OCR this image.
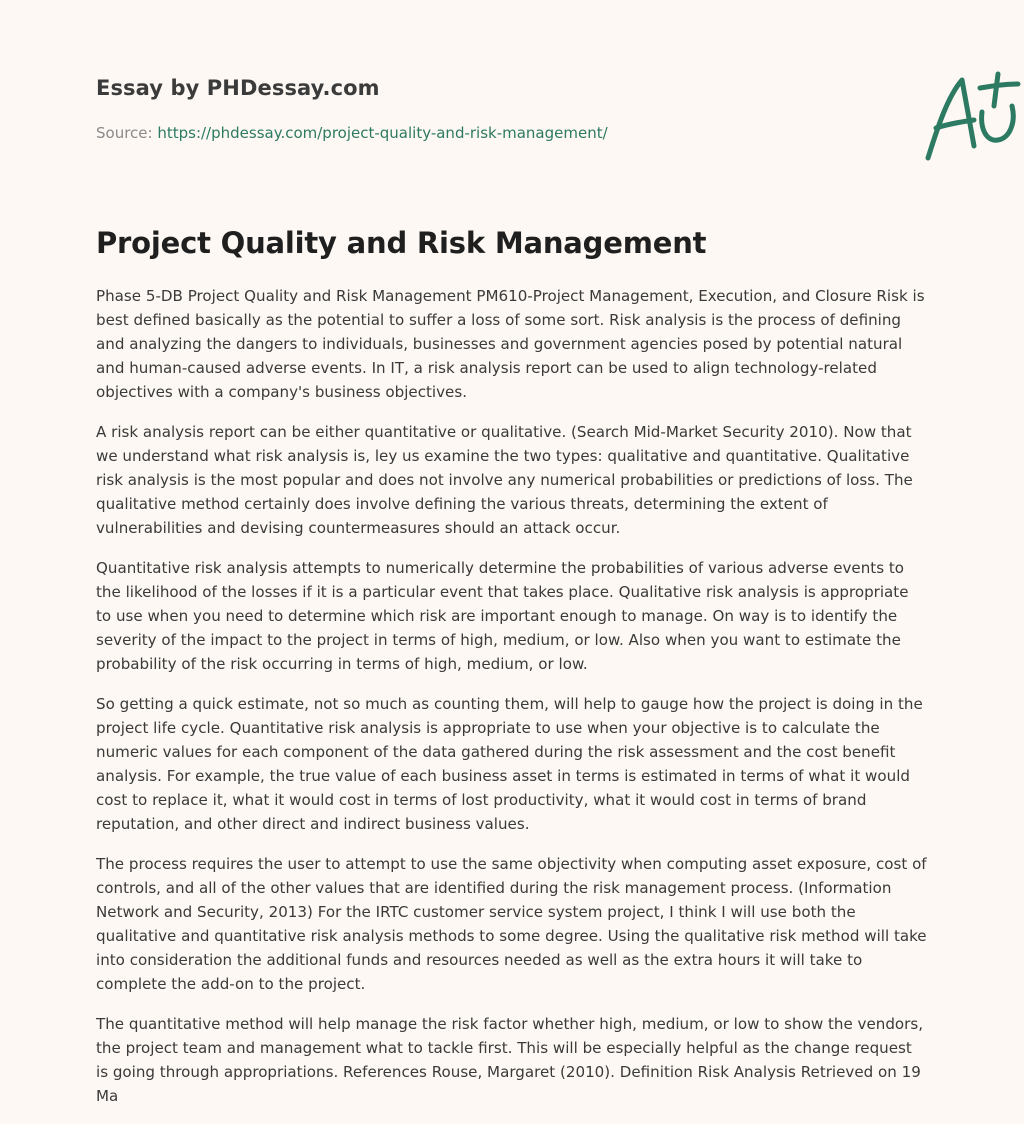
Essay by PHDessay.com

Source: https://phdessay.com/project-quality-and-risk-management/

Project Quality and Risk Management

Phase 5-DB Project Quality and Risk Management PM610-Project Management, Execution, and Closure Risk is best defined basically as the potential to suffer a loss of some sort. Risk analysis is the process of defining and analyzing the dangers to individuals, businesses and government agencies posed by potential natural and human-caused adverse events. In IT, a risk analysis report can be used to align technology-related objectives with a company's business objectives.

A risk analysis report can be either quantitative or qualitative. (Search Mid-Market Security 2010). Now that we understand what risk analysis is, ley us examine the two types: qualitative and quantitative. Qualitative risk analysis is the most popular and does not involve any numerical probabilities or predictions of loss. The qualitative method certainly does involve defining the various threats, determining the extent of vulnerabilities and devising countermeasures should an attack occur.

Quantitative risk analysis attempts to numerically determine the probabilities of various adverse events to the likelihood of the losses if it is a particular event that takes place. Qualitative risk analysis is appropriate to use when you need to determine which risk are important enough to manage. On way is to identify the severity of the impact to the project in terms of high, medium, or low. Also when you want to estimate the probability of the risk occurring in terms of high, medium, or low.

So getting a quick estimate, not so much as counting them, will help to gauge how the project is doing in the project life cycle. Quantitative risk analysis is appropriate to use when your objective is to calculate the numeric values for each component of the data gathered during the risk assessment and the cost benefit analysis. For example, the true value of each business asset in terms is estimated in terms of what it would cost to replace it, what it would cost in terms of lost productivity, what it would cost in terms of brand reputation, and other direct and indirect business values.

The process requires the user to attempt to use the same objectivity when computing asset exposure, cost of controls, and all of the other values that are identified during the risk management process. (Information Network and Security, 2013) For the IRTC customer service system project, I think I will use both the qualitative and quantitative risk analysis methods to some degree. Using the qualitative risk method will take into consideration the additional funds and resources needed as well as the extra hours it will take to complete the add-on to the project.

The quantitative method will help manage the risk factor whether high, medium, or low to show the vendors, the project team and management what to tackle first. This will be especially helpful as the change request is going through appropriations. References Rouse, Margaret (2010). Definition Risk Analysis Retrieved on 19 Ma
